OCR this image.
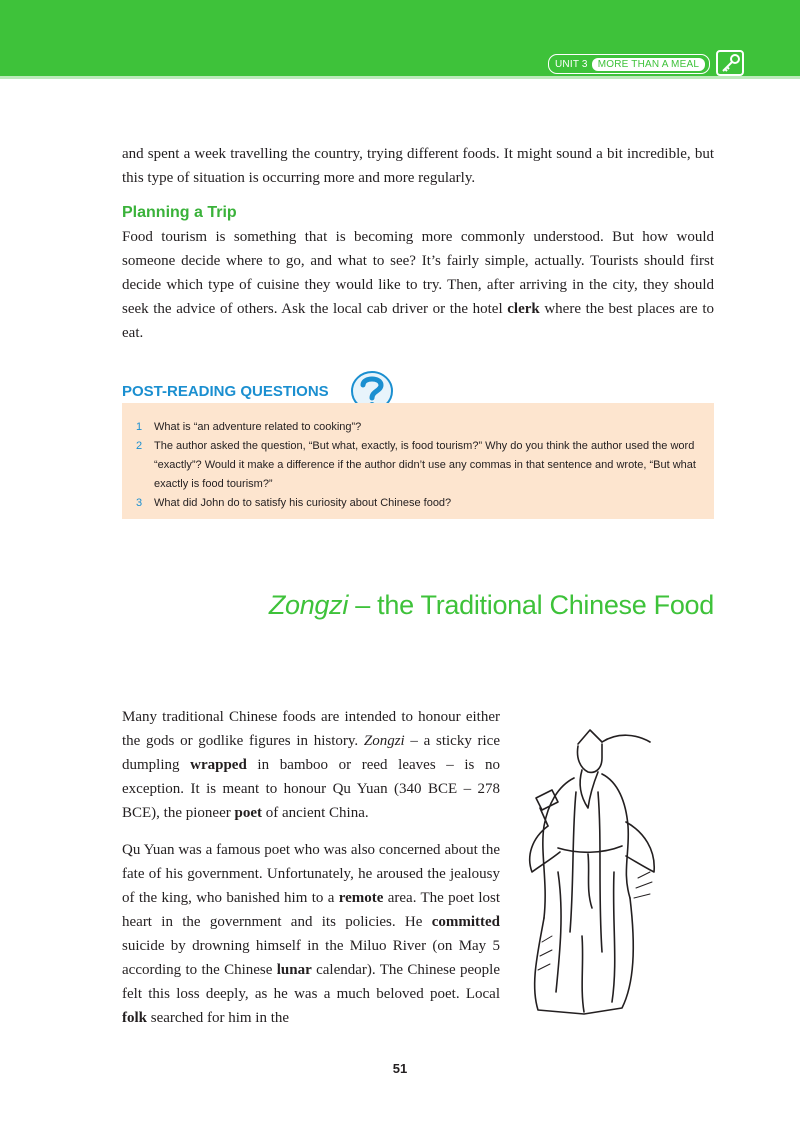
UNIT 3	MORE THAN A MEAL

and spent a week travelling the country, trying different foods. It might sound a bit incredible, but this type of situation is occurring more and more regularly.

Planning a Trip

Food tourism is something that is becoming more commonly understood. But how would someone decide where to go, and what to see? It’s fairly simple, actually. Tourists should first decide which type of cuisine they would like to try. Then, after arriving in the city, they should seek the advice of others. Ask the local cab driver or the hotel clerk where the best places are to eat.

POST-READING QUESTIONS
1	What is “an adventure related to cooking”?
2	The author asked the question, “But what, exactly, is food tourism?” Why do you think the author used the word “exactly”? Would it make a difference if the author didn’t use any commas in that sentence and wrote, “But what exactly is food tourism?”
3	What did John do to satisfy his curiosity about Chinese food?
Zongzi – the Traditional Chinese Food

Many traditional Chinese foods are intended to honour either the gods or godlike figures in history. Zongzi – a sticky rice dumpling wrapped in bamboo or reed leaves – is no exception. It is meant to honour Qu Yuan (340 BCE – 278 BCE), the pioneer poet of ancient China.

Qu Yuan was a famous poet who was also concerned about the fate of his government. Unfortunately, he aroused the jealousy of the king, who banished him to a remote area. The poet lost heart in the government and its policies. He committed suicide by drowning himself in the Miluo River (on May 5 according to the Chinese lunar calendar). The Chinese people felt this loss deeply, as he was a much beloved poet. Local folk searched for him in the

51
